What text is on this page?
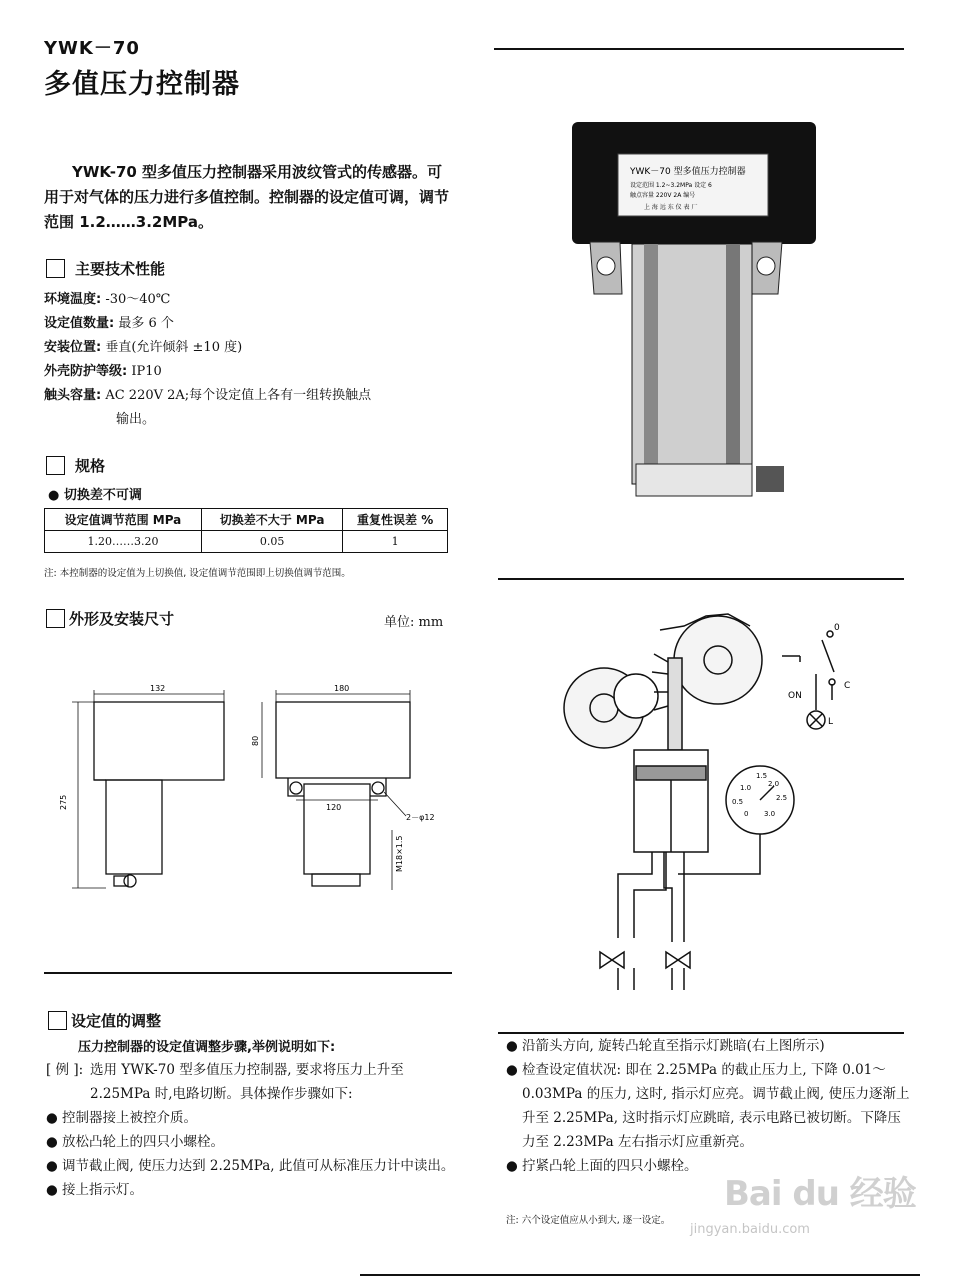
YWK－70
多值压力控制器
YWK-70 型多值压力控制器采用波纹管式的传感器。可用于对气体的压力进行多值控制。控制器的设定值可调，调节范围 1.2……3.2MPa。
主要技术性能
环境温度: -30～40℃
设定值数量: 最多 6 个
安装位置: 垂直(允许倾斜 ±10 度)
外壳防护等级: IP10
触头容量: AC 220V 2A;每个设定值上各有一组转换触点
输出。
规格
● 切换差不可调
设定值调节范围 MPa	切换差不大于 MPa	重复性误差 %
1.20……3.20	0.05	1
注: 本控制器的设定值为上切换值, 设定值调节范围即上切换值调节范围。
外形及安装尺寸	单位: mm
132
275
180
80
120
2－φ12
M18×1.5
YWK－70 型多值压力控制器
设定范围 1.2~3.2MPa 设定 6
触点容量 220V 2A 编号
上 海 远 东 仪 表 厂
0
ON
C
L
1.5
2.0
1.0
2.5
0.5
0 3.0
设定值的调整
压力控制器的设定值调整步骤,举例说明如下:
[ 例 ]: 选用 YWK-70 型多值压力控制器, 要求将压力上升至 2.25MPa 时,电路切断。具体操作步骤如下:
● 控制器接上被控介质。
● 放松凸轮上的四只小螺栓。
● 调节截止阀, 使压力达到 2.25MPa, 此值可从标准压力计中读出。
● 接上指示灯。
● 沿箭头方向, 旋转凸轮直至指示灯跳暗(右上图所示)
● 检查设定值状况: 即在 2.25MPa 的截止压力上, 下降 0.01～0.03MPa 的压力, 这时, 指示灯应亮。调节截止阀, 使压力逐渐上升至 2.25MPa, 这时指示灯应跳暗, 表示电路已被切断。下降压力至 2.23MPa 左右指示灯应重新亮。
● 拧紧凸轮上面的四只小螺栓。
注: 六个设定值应从小到大, 逐一设定。
Bai du 经验
jingyan.baidu.com
